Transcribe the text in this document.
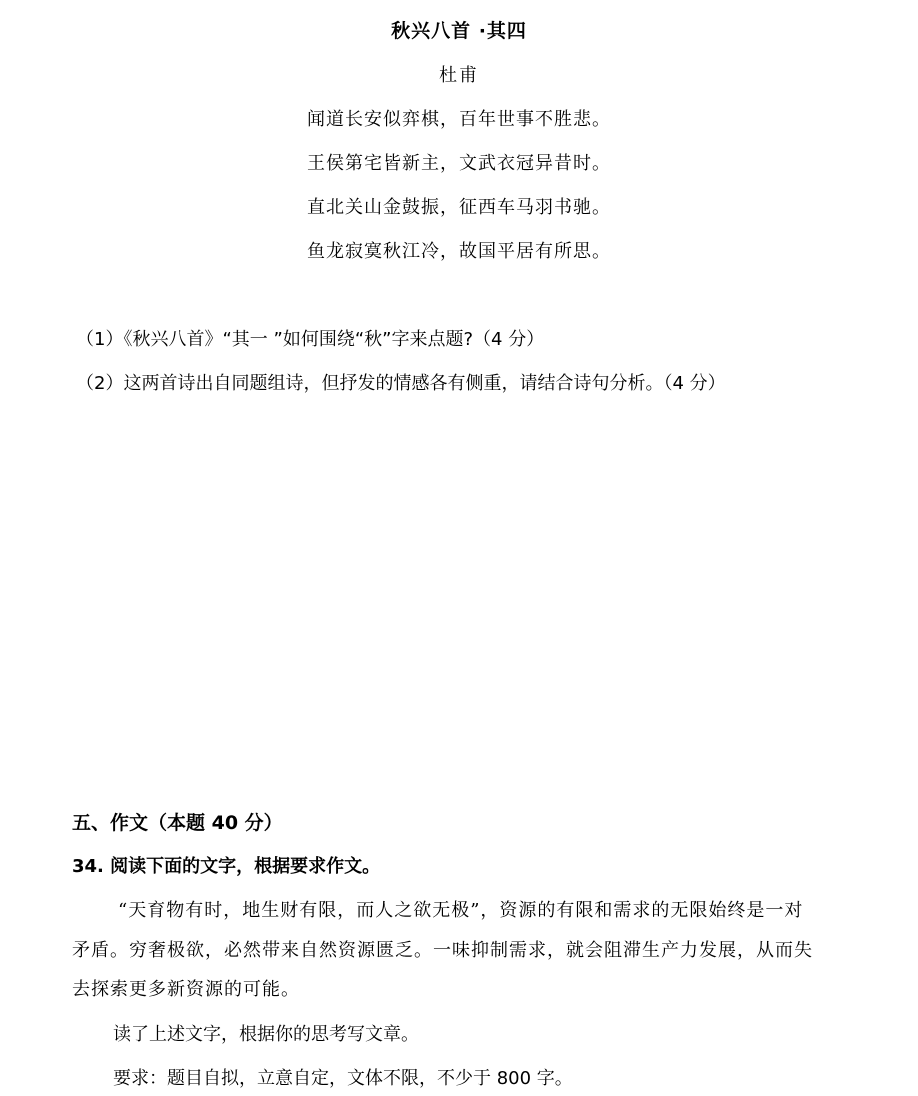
秋兴八首 ·其四
杜甫
闻道长安似弈棋，百年世事不胜悲。
王侯第宅皆新主，文武衣冠异昔时。
直北关山金鼓振，征西车马羽书驰。
鱼龙寂寞秋江冷，故国平居有所思。
（1）《秋兴八首》“其一 ”如何围绕“秋”字来点题?（4 分）
（2）这两首诗出自同题组诗，但抒发的情感各有侧重，请结合诗句分析。（4 分）
五、作文（本题 40 分）
34. 阅读下面的文字，根据要求作文。
“天育物有时，地生财有限，而人之欲无极”，资源的有限和需求的无限始终是一对
矛盾。穷奢极欲，必然带来自然资源匮乏。一味抑制需求，就会阻滞生产力发展，从而失
去探索更多新资源的可能。
读了上述文字，根据你的思考写文章。
要求：题目自拟，立意自定，文体不限，不少于 800 字。
